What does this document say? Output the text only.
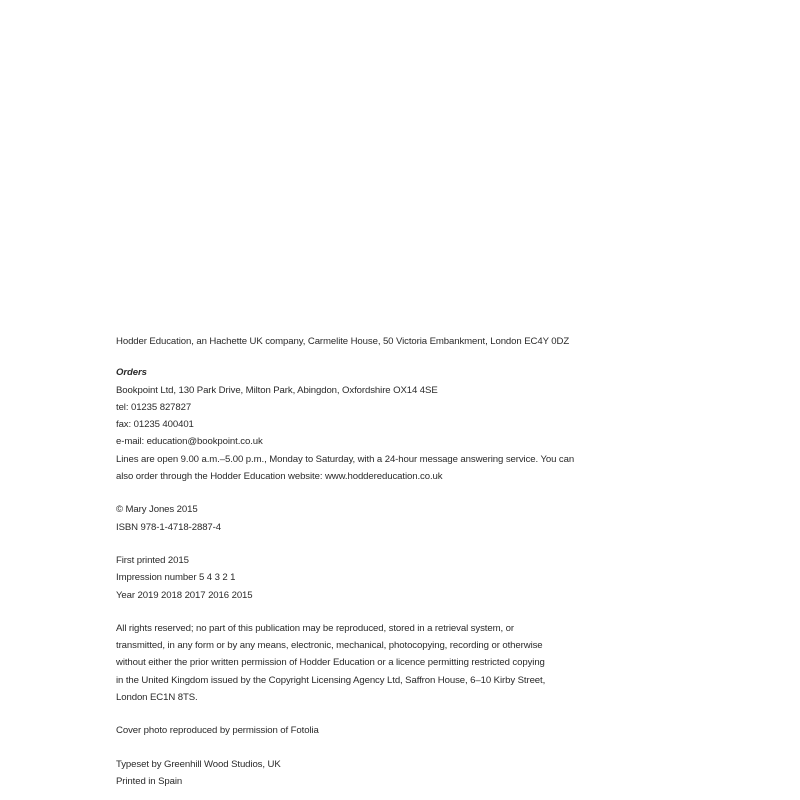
Hodder Education, an Hachette UK company, Carmelite House, 50 Victoria Embankment, London EC4Y 0DZ

Orders
Bookpoint Ltd, 130 Park Drive, Milton Park, Abingdon, Oxfordshire OX14 4SE
tel: 01235 827827
fax: 01235 400401
e-mail: education@bookpoint.co.uk
Lines are open 9.00 a.m.–5.00 p.m., Monday to Saturday, with a 24-hour message answering service. You can
also order through the Hodder Education website: www.hoddereducation.co.uk
© Mary Jones 2015
ISBN 978-1-4718-2887-4
First printed 2015
Impression number 5 4 3 2 1
Year 2019 2018 2017 2016 2015
All rights reserved; no part of this publication may be reproduced, stored in a retrieval system, or
transmitted, in any form or by any means, electronic, mechanical, photocopying, recording or otherwise
without either the prior written permission of Hodder Education or a licence permitting restricted copying
in the United Kingdom issued by the Copyright Licensing Agency Ltd, Saffron House, 6–10 Kirby Street,
London EC1N 8TS.
Cover photo reproduced by permission of Fotolia
Typeset by Greenhill Wood Studios, UK
Printed in Spain
